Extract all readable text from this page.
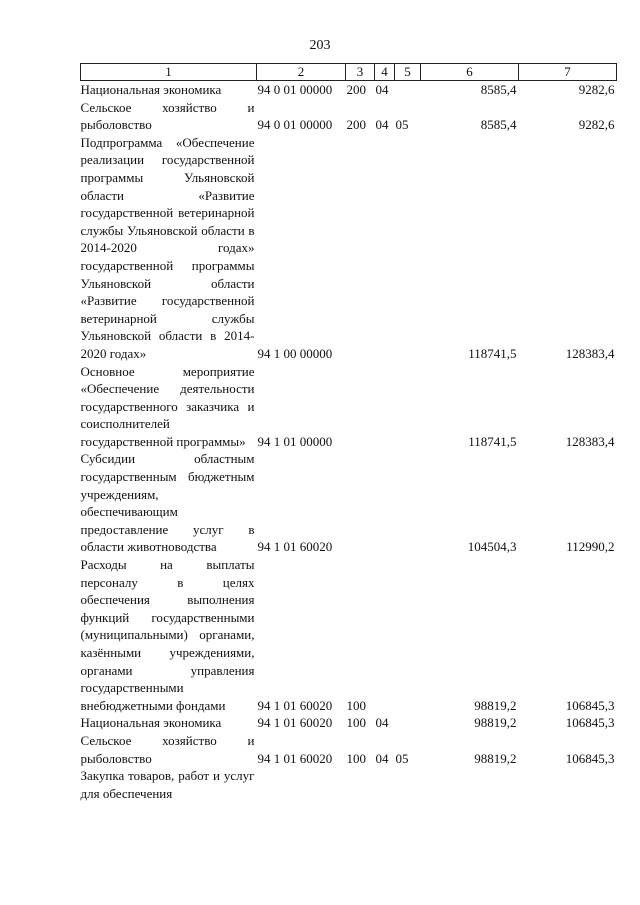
203
1	2	3	4	5	6	7
Национальная экономика	94 0 01 00000	200	04		8585,4	9282,6
Сельское хозяйство и рыболовство	94 0 01 00000	200	04	05	8585,4	9282,6
Подпрограмма «Обеспечение реализации государственной программы Ульяновской области «Развитие государственной ветеринарной службы Ульяновской области в 2014-2020 годах» государственной программы Ульяновской области «Развитие государственной ветеринарной службы Ульяновской области в 2014-2020 годах»	94 1 00 00000				118741,5	128383,4
Основное мероприятие «Обеспечение деятельности государственного заказчика и соисполнителей государственной программы»	94 1 01 00000				118741,5	128383,4
Субсидии областным государственным бюджетным учреждениям, обеспечивающим предоставление услуг в области животноводства	94 1 01 60020				104504,3	112990,2
Расходы на выплаты персоналу в целях обеспечения выполнения функций государственными (муниципальными) органами, казёнными учреждениями, органами управления государственными внебюджетными фондами	94 1 01 60020	100			98819,2	106845,3
Национальная экономика	94 1 01 60020	100	04		98819,2	106845,3
Сельское хозяйство и рыболовство	94 1 01 60020	100	04	05	98819,2	106845,3
Закупка товаров, работ и услуг для обеспечения						
